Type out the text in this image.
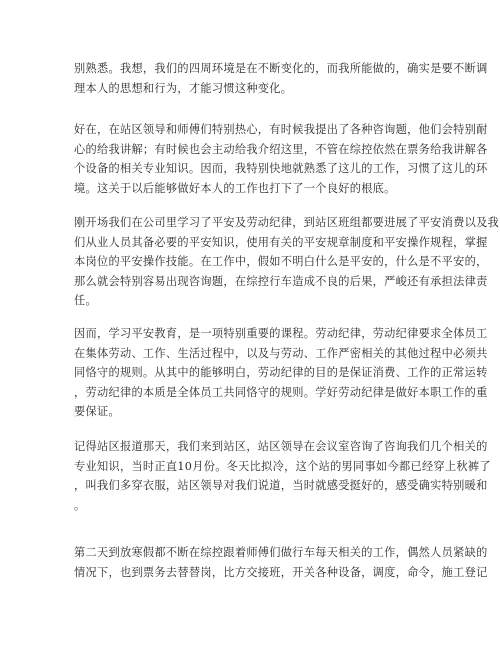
别熟悉。我想，我们的四周环境是在不断变化的，而我所能做的，确实是要不断调
理本人的思想和行为，才能习惯这种变化。
好在，在站区领导和师傅们特别热心，有时候我提出了各种咨询题，他们会特别耐
心的给我讲解；有时候也会主动给我介绍这里，不管在综控依然在票务给我讲解各
个设备的相关专业知识。因而，我特别快地就熟悉了这儿的工作，习惯了这儿的环
境。这关于以后能够做好本人的工作也打下了一个良好的根底。
刚开场我们在公司里学习了平安及劳动纪律，到站区班组都要进展了平安消费以及我
们从业人员其备必要的平安知识，使用有关的平安规章制度和平安操作规程，掌握
本岗位的平安操作技能。在工作中，假如不明白什么是平安的，什么是不平安的，
那么就会特别容易出现咨询题，在综控行车造成不良的后果，严峻还有承担法律责
任。
因而，学习平安教育，是一项特别重要的课程。劳动纪律，劳动纪律要求全体员工
在集体劳动、工作、生活过程中，以及与劳动、工作严密相关的其他过程中必须共
同恪守的规则。从其中的能够明白，劳动纪律的目的是保证消费、工作的正常运转
，劳动纪律的本质是全体员工共同恪守的规则。学好劳动纪律是做好本职工作的重
要保证。
记得站区报道那天，我们来到站区，站区领导在会议室咨询了咨询我们几个相关的
专业知识，当时正直10月份。冬天比拟冷，这个站的男同事如今都已经穿上秋裤了
，叫我们多穿衣服，站区领导对我们说道，当时就感受挺好的，感受确实特别暖和
。
第二天到放寒假都不断在综控跟着师傅们做行车每天相关的工作，偶然人员紧缺的
情况下，也到票务去替替岗，比方交接班，开关各种设备，调度，命令，施工登记
